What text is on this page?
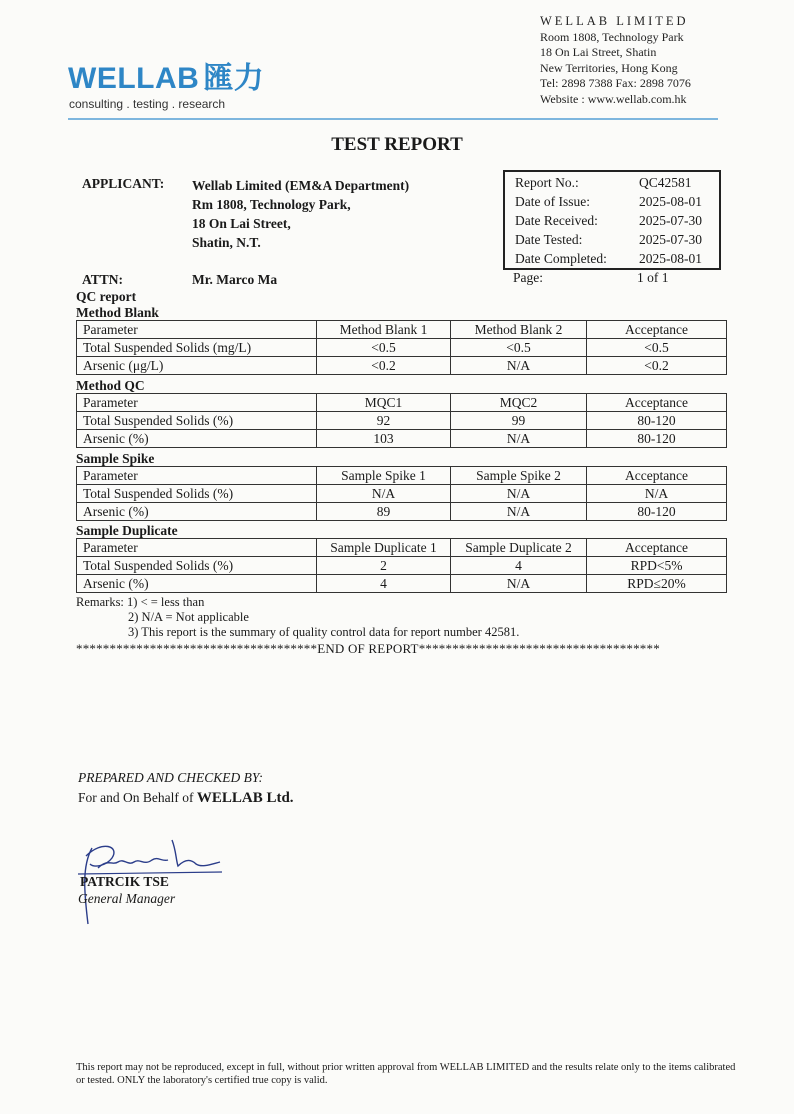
WELLAB 匯力
consulting . testing . research
WELLAB LIMITED
Room 1808, Technology Park
18 On Lai Street, Shatin
New Territories, Hong Kong
Tel: 2898 7388 Fax: 2898 7076
Website : www.wellab.com.hk
TEST REPORT
APPLICANT: Wellab Limited (EM&A Department)
Rm 1808, Technology Park,
18 On Lai Street,
Shatin, N.T.
Report No.:	QC42581
Date of Issue:	2025-08-01
Date Received:	2025-07-30
Date Tested:	2025-07-30
Date Completed: 2025-08-01
ATTN:	Mr. Marco Ma	Page:	1 of 1
QC report
Method Blank
Parameter	Method Blank 1	Method Blank 2	Acceptance
Total Suspended Solids (mg/L)	<0.5	<0.5	<0.5
Arsenic (μg/L)	<0.2	N/A	<0.2
Method QC
Parameter	MQC1	MQC2	Acceptance
Total Suspended Solids (%)	92	99	80-120
Arsenic (%)	103	N/A	80-120
Sample Spike
Parameter	Sample Spike 1	Sample Spike 2	Acceptance
Total Suspended Solids (%)	N/A	N/A	N/A
Arsenic (%)	89	N/A	80-120
Sample Duplicate
Parameter	Sample Duplicate 1	Sample Duplicate 2	Acceptance
Total Suspended Solids (%)	2	4	RPD<5%
Arsenic (%)	4	N/A	RPD≤20%
Remarks: 1) < = less than
2) N/A = Not applicable
3) This report is the summary of quality control data for report number 42581.
************************************END OF REPORT************************************
PREPARED AND CHECKED BY:
For and On Behalf of WELLAB Ltd.
PATRCIK TSE
General Manager
This report may not be reproduced, except in full, without prior written approval from WELLAB LIMITED and the results relate only to the items calibrated or tested. ONLY the laboratory's certified true copy is valid.
